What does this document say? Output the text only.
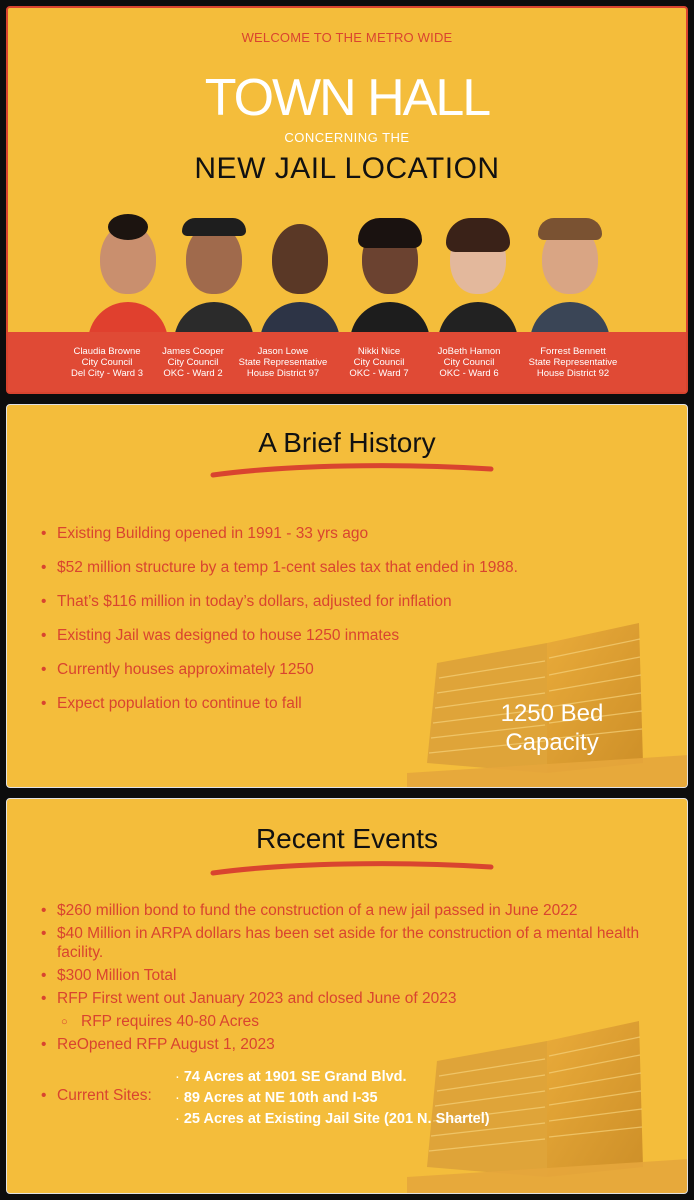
WELCOME TO THE METRO WIDE
TOWN HALL
CONCERNING THE
NEW JAIL LOCATION
Claudia Browne
City Council
Del City - Ward 3
James Cooper
City Council
OKC - Ward 2
Jason Lowe
State Representative
House District 97
Nikki Nice
City Council
OKC - Ward 7
JoBeth Hamon
City Council
OKC - Ward 6
Forrest Bennett
State Representative
House District 92
A Brief History
• Existing Building opened in 1991 - 33 yrs ago
• $52 million structure by a temp 1-cent sales tax that ended in 1988.
• That’s $116 million in today’s dollars, adjusted for inflation
• Existing Jail was designed to house 1250 inmates
• Currently houses approximately 1250
• Expect population to continue to fall	1250 Bed
Capacity
Recent Events
• $260 million bond to fund the construction of a new jail passed in June 2022
• $40 Million in ARPA dollars has been set aside for the construction of a mental health facility.
• $300 Million Total
• RFP First went out January 2023 and closed June of 2023
○ RFP requires 40-80 Acres
• ReOpened RFP August 1, 2023
• Current Sites:
· 74 Acres at 1901 SE Grand Blvd.
· 89 Acres at NE 10th and I-35
· 25 Acres at Existing Jail Site (201 N. Shartel)
